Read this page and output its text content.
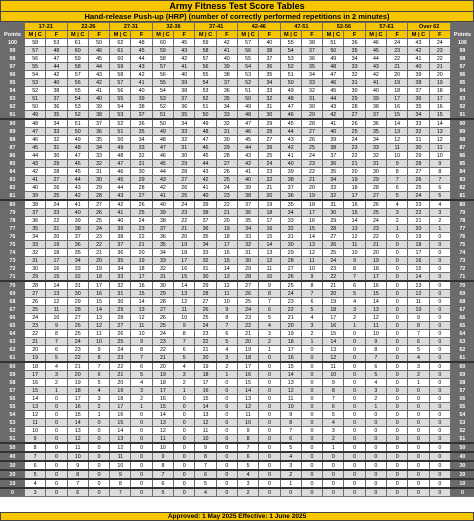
Army Fitness Test Score Tables
Hand-release Push-up (HRP) (number of correctly performed repetitions in 2 minutes)
	17-21		22-26		27-31		32-36		37-41		42-46		47-51		52-56		57-61		Over 62		
Points	M | C	F	M | C	F	M | C	F	M | C	F	M | C	F	M | C	F	M | C	F	M | C	F	M | C	F	M | C	F	Points
100	58	53	61	50	62	48	60	45	59	42	57	40	55	38	51	36	46	24	43	24	100
99	57	48	60	46	61	45	59	43	58	41	56	38	54	37	50	35	45	23	42	23	99
98	56	47	59	45	60	44	58	42	57	40	55	37	53	36	49	34	44	22	41	22	98
97	55	44	58	44	59	43	57	41	56	39	54	36	52	35	48	33	43	21	40	21	97
96	54	42	57	43	58	42	56	40	55	38	53	35	51	34	47	32	42	20	39	20	96
95	53	40	56	42	57	41	55	39	54	37	52	34	50	33	46	31	41	19	38	19	95
94	52	38	55	41	56	40	54	38	53	36	51	33	49	32	45	30	40	18	37	18	94
93	51	37	54	40	55	39	53	37	52	35	50	32	48	31	44	29	39	17	36	17	93
92	50	36	53	39	54	38	52	36	51	34	49	31	47	30	43	28	38	16	35	16	92
91	49	35	52	38	53	37	51	35	50	33	48	30	46	29	42	27	37	15	34	15	91
90	48	34	51	37	52	36	50	34	49	32	47	29	45	28	41	26	36	14	33	14	90
89	47	33	50	36	51	35	49	33	48	31	46	28	44	27	40	25	35	13	32	13	89
88	46	32	49	35	50	34	48	32	47	30	45	27	43	26	39	24	34	12	31	12	88
87	45	31	48	34	49	33	47	31	46	29	44	26	42	25	38	23	33	11	30	11	87
86	44	30	47	33	48	32	46	30	45	28	43	25	41	24	37	22	32	10	29	10	86
85	43	29	46	32	47	31	45	29	44	27	42	24	40	23	36	21	31	9	28	9	85
84	42	28	45	31	46	30	44	28	43	26	41	23	39	22	35	20	30	8	27	8	84
83	41	27	44	30	45	29	43	27	42	25	40	22	38	21	34	19	29	7	26	7	83
82	40	26	43	29	44	28	42	26	41	24	39	21	37	20	33	18	28	6	25	6	82
81	39	25	42	28	43	27	41	25	40	23	38	20	36	19	32	17	27	5	24	5	81
80	38	24	41	27	42	26	40	24	39	22	37	19	35	18	31	16	26	4	23	4	80
79	37	23	40	26	41	25	39	23	38	21	36	18	34	17	30	15	25	3	22	3	79
78	36	22	39	25	40	24	38	22	37	20	35	17	33	16	29	14	24	2	21	2	78
77	35	21	38	24	39	23	37	21	36	19	34	16	32	15	28	13	23	1	20	1	77
76	34	20	37	23	38	22	36	20	35	18	33	15	31	14	27	12	22	0	19	0	76
75	33	19	36	22	37	21	35	19	34	17	32	14	30	13	26	11	21	0	18	0	75
74	32	18	35	21	36	20	34	18	33	16	31	13	29	12	25	10	20	0	17	0	74
73	31	17	34	20	35	19	33	17	32	15	30	12	28	11	24	9	19	0	16	0	73
72	30	16	33	19	34	18	32	16	31	14	29	11	27	10	23	8	18	0	15	0	72
71	29	15	32	18	33	17	31	15	30	13	28	10	26	9	22	7	17	0	14	0	71
70	28	14	31	17	32	16	30	14	29	12	27	9	25	8	21	6	16	0	13	0	70
69	27	13	30	16	31	15	29	13	28	11	26	8	24	7	20	5	15	0	12	0	69
68	26	12	29	15	30	14	28	12	27	10	25	7	23	6	19	4	14	0	11	0	68
67	25	11	28	14	29	13	27	11	26	9	24	6	22	5	18	3	13	0	10	0	67
66	24	10	27	13	28	12	26	10	25	8	23	5	21	4	17	2	12	0	9	0	66
65	23	9	26	12	27	11	25	9	24	7	22	4	20	3	16	1	11	0	8	0	65
64	22	8	25	11	26	10	24	8	23	6	21	3	19	2	15	0	10	0	7	0	64
63	21	7	24	10	25	9	23	7	22	5	20	2	18	1	14	0	9	0	6	0	63
62	20	6	23	9	24	8	22	6	21	4	19	1	17	0	13	0	8	0	5	0	62
61	19	5	22	8	23	7	21	5	20	3	18	0	16	0	12	0	7	0	4	0	61
60	18	4	21	7	22	6	20	4	19	2	17	0	15	0	11	0	6	0	3	0	60
59	17	3	20	6	21	5	19	3	18	1	16	0	14	0	10	0	5	0	2	0	59
58	16	2	19	5	20	4	18	2	17	0	15	0	13	0	9	0	4	0	1	0	58
57	15	1	18	4	19	3	17	1	16	0	14	0	12	0	8	0	3	0	0	0	57
56	14	0	17	3	18	2	16	0	15	0	13	0	11	0	7	0	2	0	0	0	56
55	13	0	16	2	17	1	15	0	14	0	12	0	10	0	6	0	1	0	0	0	55
54	12	0	15	1	16	0	14	0	13	0	11	0	9	0	5	0	0	0	0	0	54
53	11	0	14	0	15	0	13	0	12	0	10	0	8	0	4	0	0	0	0	0	53
52	10	0	13	0	14	0	12	0	11	0	9	0	7	0	3	0	0	0	0	0	52
51	9	0	12	0	13	0	11	0	10	0	8	0	6	0	2	0	0	0	0	0	51
50	8	0	11	0	12	0	10	0	9	0	7	0	5	0	1	0	0	0	0	0	50
40	7	0	10	0	11	0	9	0	8	0	6	0	4	0	0	0	0	0	0	0	40
30	6	0	9	0	10	0	8	0	7	0	5	0	3	0	0	0	0	0	0	0	30
20	5	0	8	0	9	0	7	0	6	0	4	0	2	0	0	0	0	0	0	0	20
10	4	0	7	0	8	0	6	0	5	0	3	0	1	0	0	0	0	0	0	0	10
0	3	0	6	0	7	0	5	0	4	0	2	0	0	0	0	0	0	0	0	0	0
Approved: 1 May 2025 Effective: 1 June 2025
